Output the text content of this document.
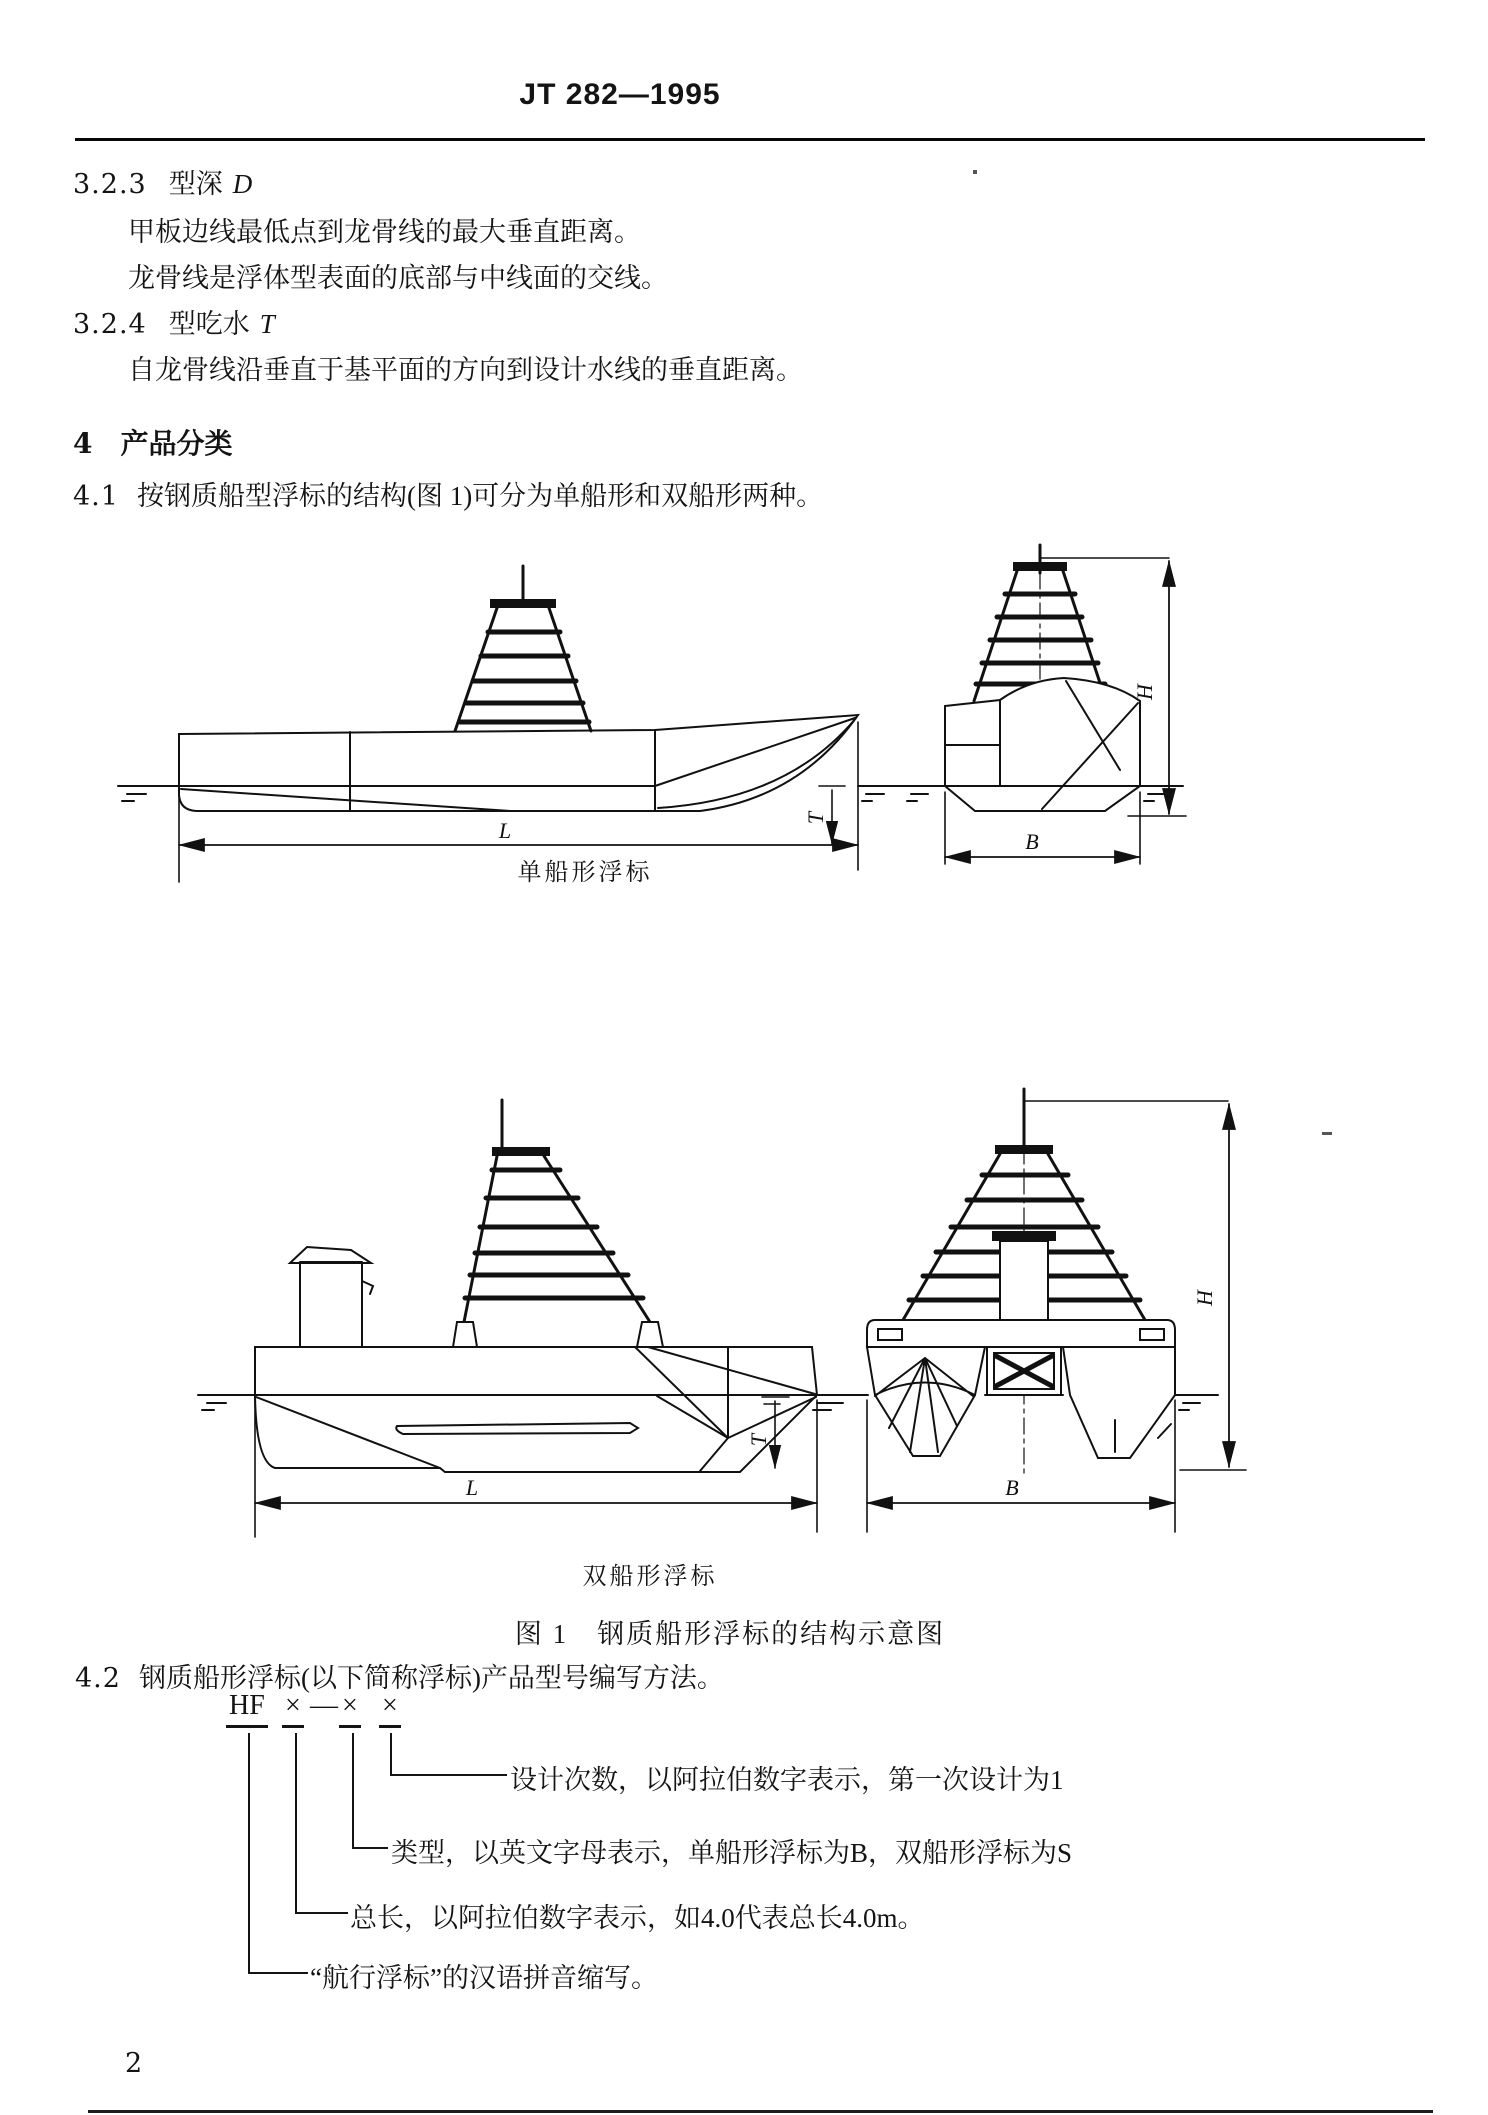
JT 282—1995
3.2.3 型深 D
甲板边线最低点到龙骨线的最大垂直距离。
龙骨线是浮体型表面的底部与中线面的交线。
3.2.4 型吃水 T
自龙骨线沿垂直于基平面的方向到设计水线的垂直距离。
4 产品分类
4.1 按钢质船型浮标的结构(图 1)可分为单船形和双船形两种。
L	T
B
H
单船形浮标
L
T
B
H
双船形浮标
图 1　钢质船形浮标的结构示意图
4.2 钢质船形浮标(以下简称浮标)产品型号编写方法。
HF × — × ×
设计次数，以阿拉伯数字表示，第一次设计为1
类型，以英文字母表示，单船形浮标为B，双船形浮标为S
总长，以阿拉伯数字表示，如4.0代表总长4.0m。
“航行浮标”的汉语拼音缩写。
2
